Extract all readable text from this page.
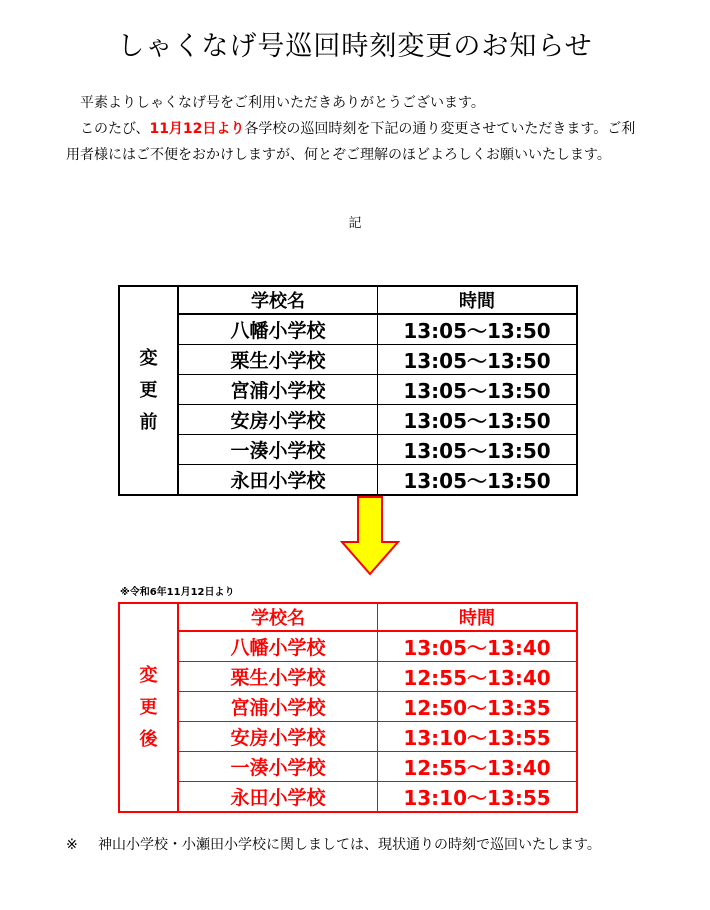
しゃくなげ号巡回時刻変更のお知らせ
平素よりしゃくなげ号をご利用いただきありがとうございます。
このたび、11月12日より各学校の巡回時刻を下記の通り変更させていただきます。ご利用者様にはご不便をおかけしますが、何とぞご理解のほどよろしくお願いいたします。
記
変
更
前	学校名	時間
	八幡小学校	13:05～13:50
	栗生小学校	13:05～13:50
	宮浦小学校	13:05～13:50
	安房小学校	13:05～13:50
	一湊小学校	13:05～13:50
	永田小学校	13:05～13:50
※令和6年11月12日より
変
更
後	学校名	時間
	八幡小学校	13:05～13:40
	栗生小学校	12:55～13:40
	宮浦小学校	12:50～13:35
	安房小学校	13:10～13:55
	一湊小学校	12:55～13:40
	永田小学校	13:10～13:55
※ 神山小学校・小瀬田小学校に関しましては、現状通りの時刻で巡回いたします。
